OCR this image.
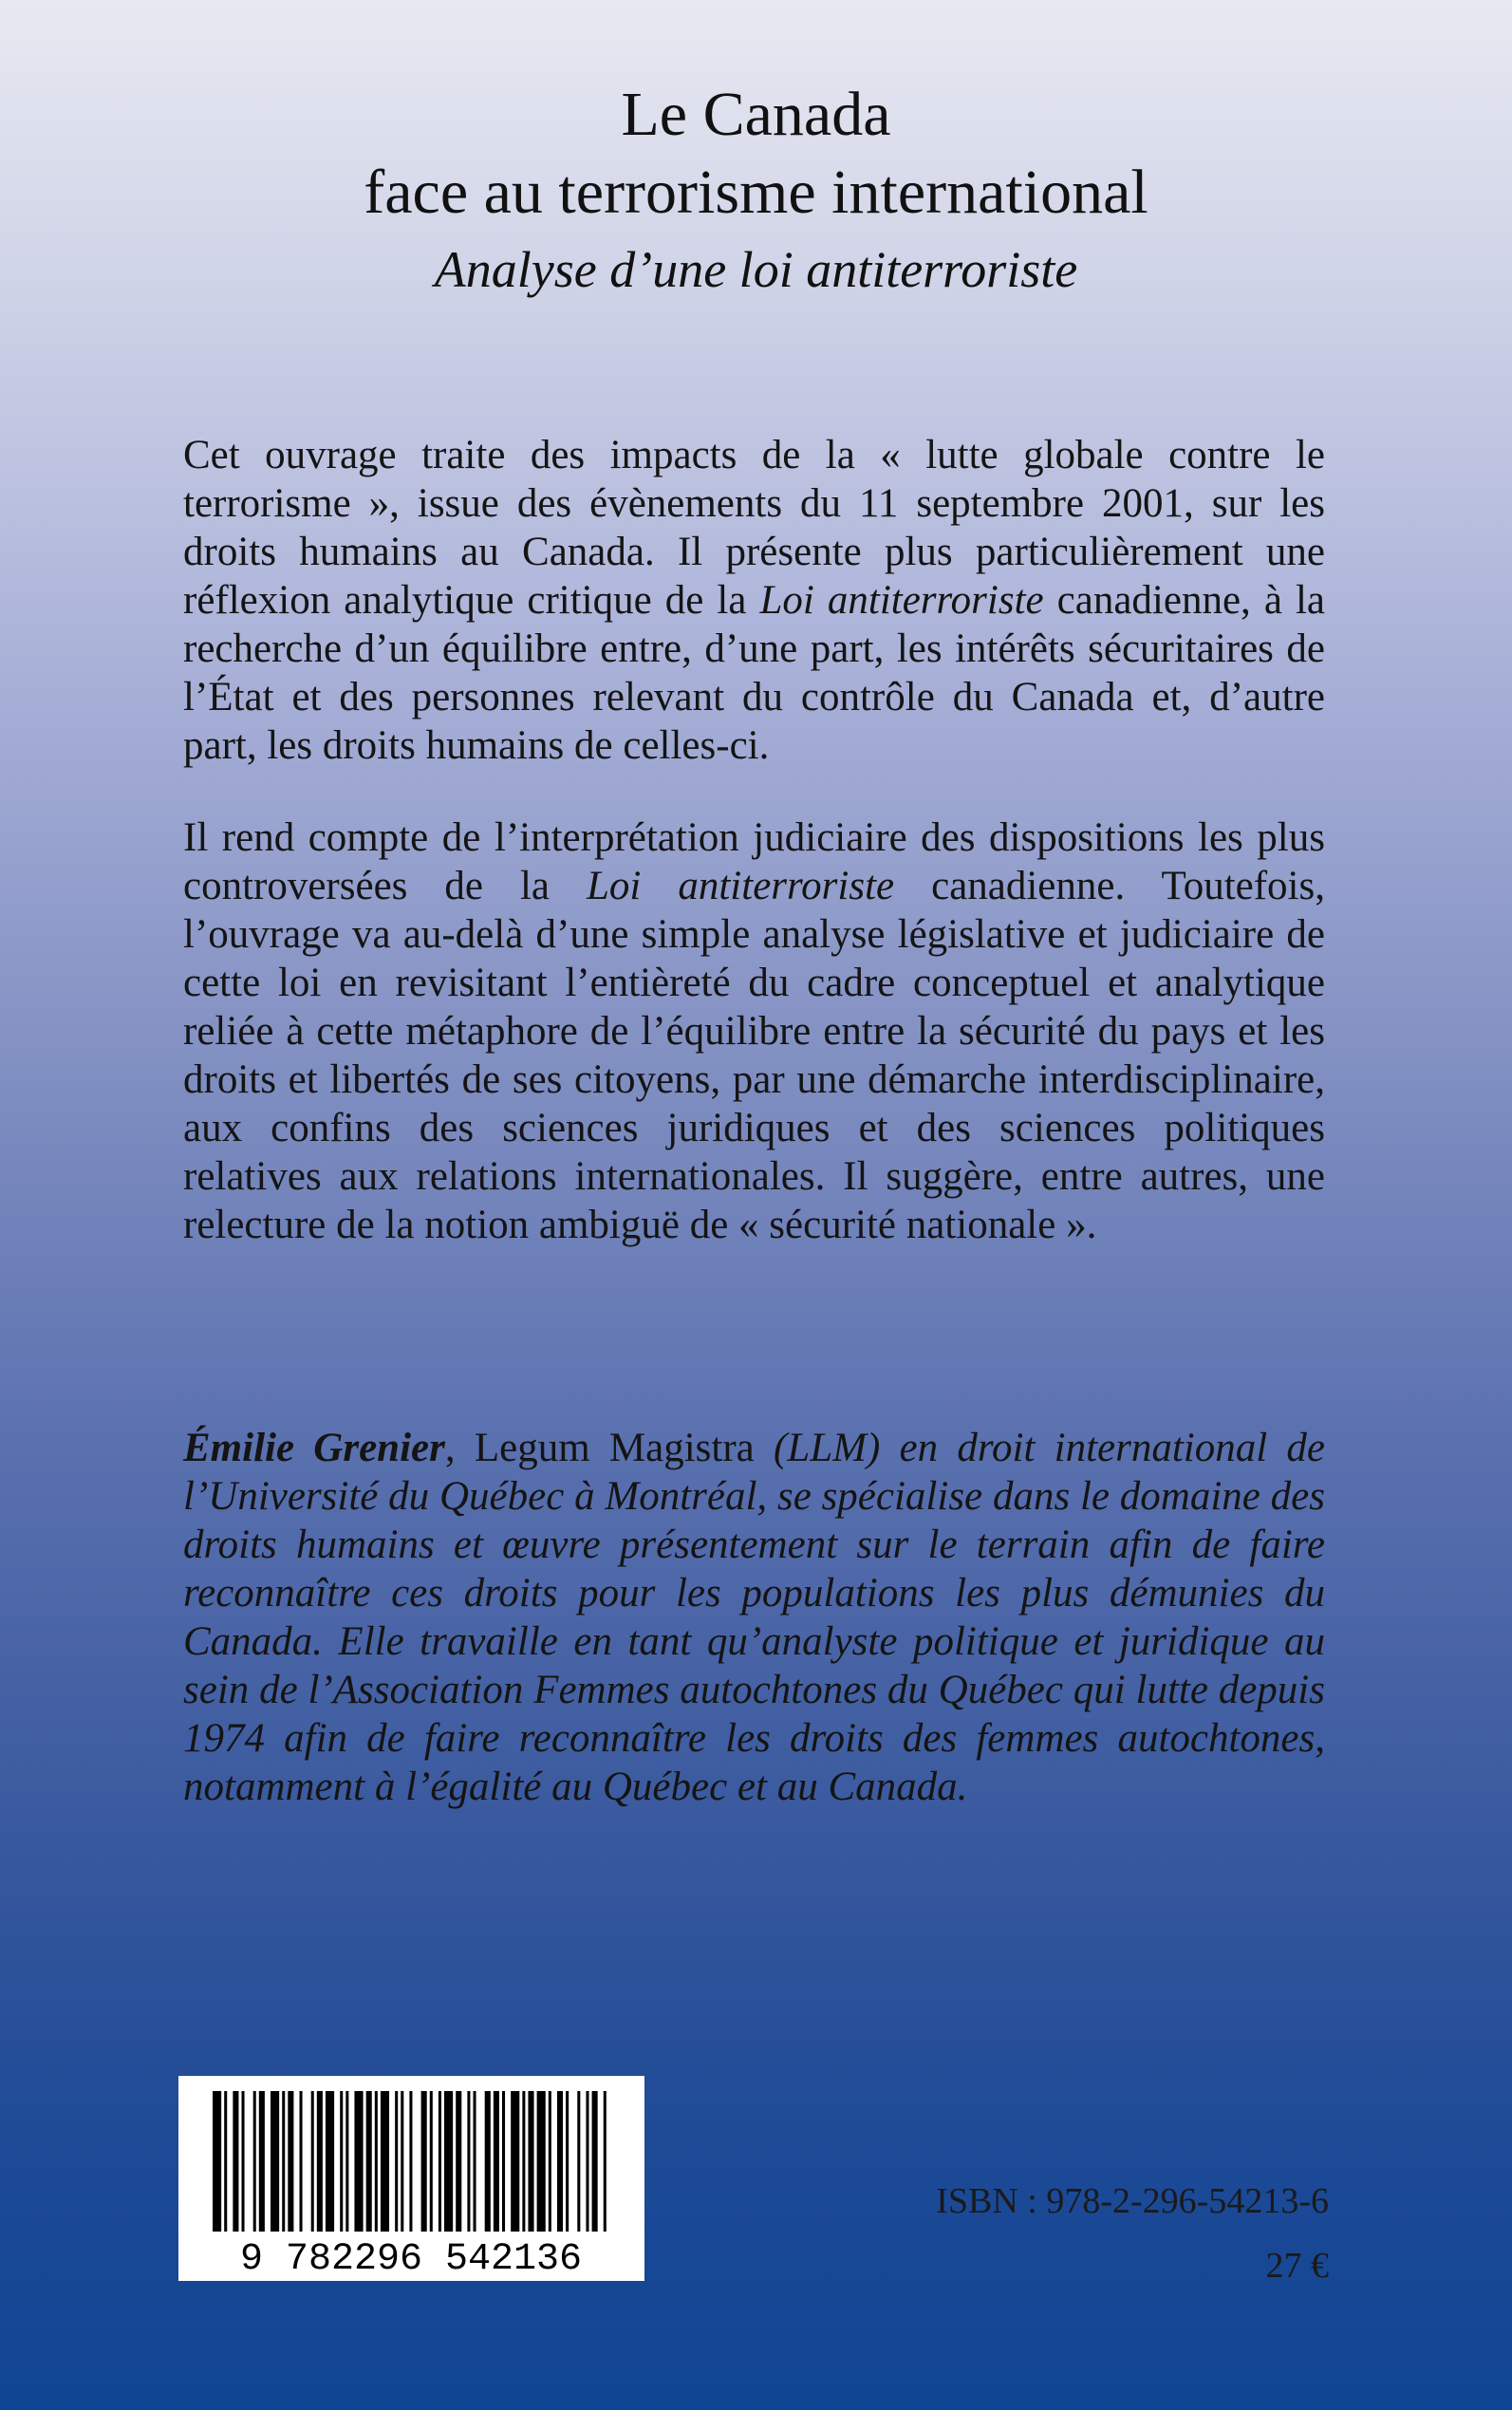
Le Canada
face au terrorisme international
Analyse d’une loi antiterroriste
Cet ouvrage traite des impacts de la « lutte globale contre le terrorisme », issue des évènements du 11 septembre 2001, sur les droits humains au Canada. Il présente plus particulièrement une réflexion analytique critique de la Loi antiterroriste canadienne, à la recherche d’un équilibre entre, d’une part, les intérêts sécuritaires de l’État et des personnes relevant du contrôle du Canada et, d’autre part, les droits humains de celles-ci.
Il rend compte de l’interprétation judiciaire des dispositions les plus controversées de la Loi antiterroriste canadienne. Toutefois, l’ouvrage va au-delà d’une simple analyse législative et judiciaire de cette loi en revisitant l’entièreté du cadre conceptuel et analytique reliée à cette métaphore de l’équilibre entre la sécurité du pays et les droits et libertés de ses citoyens, par une démarche interdisciplinaire, aux confins des sciences juridiques et des sciences politiques relatives aux relations internationales. Il suggère, entre autres, une relecture de la notion ambiguë de « sécurité nationale ».
Émilie Grenier, Legum Magistra (LLM) en droit international de l’Université du Québec à Montréal, se spécialise dans le domaine des droits humains et œuvre présentement sur le terrain afin de faire reconnaître ces droits pour les populations les plus démunies du Canada. Elle travaille en tant qu’analyste politique et juridique au sein de l’Association Femmes autochtones du Québec qui lutte depuis 1974 afin de faire reconnaître les droits des femmes autochtones, notamment à l’égalité au Québec et au Canada.
9 782296 542136
ISBN : 978-2-296-54213-6
27 €
